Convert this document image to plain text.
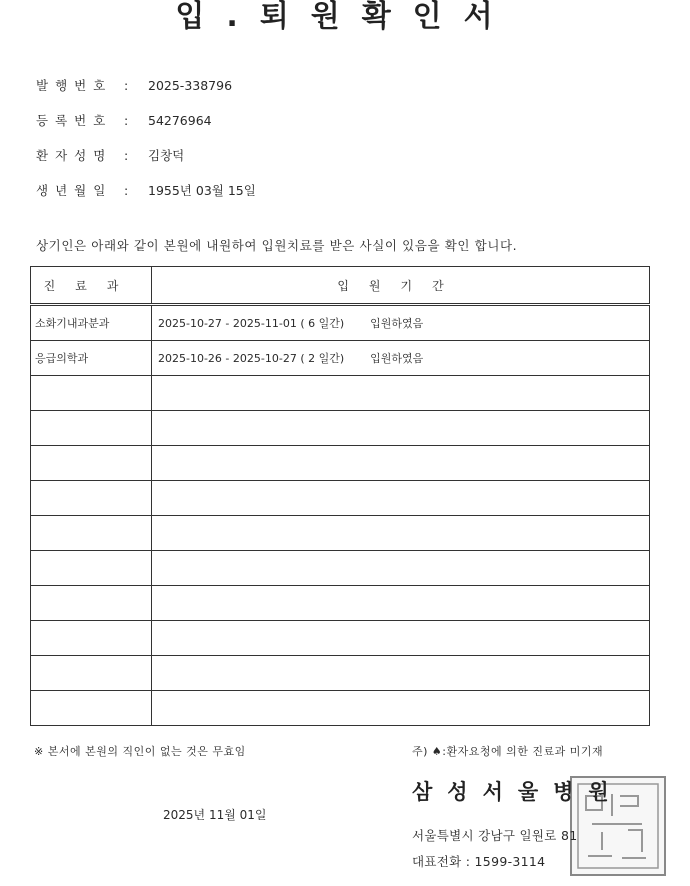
입.퇴원확인서
발행번호 :	2025-338796
등록번호 :	54276964
환자성명 :	김창덕
생년월일 :	1955년 03월 15일
상기인은 아래와 같이 본원에 내원하여 입원치료를 받은 사실이 있음을 확인 합니다.
진료과	입원기간
소화기내과분과	2025-10-27 - 2025-11-01 ( 6 일간) 입원하였음
응급의학과	2025-10-26 - 2025-10-27 ( 2 일간) 입원하였음

※ 본서에 본원의 직인이 없는 것은 무효임	주) ♠:환자요청에 의한 진료과 미기재
2025년 11월 01일
삼성서울병원
서울특별시 강남구 일원로 81
대표전화 : 1599-3114
